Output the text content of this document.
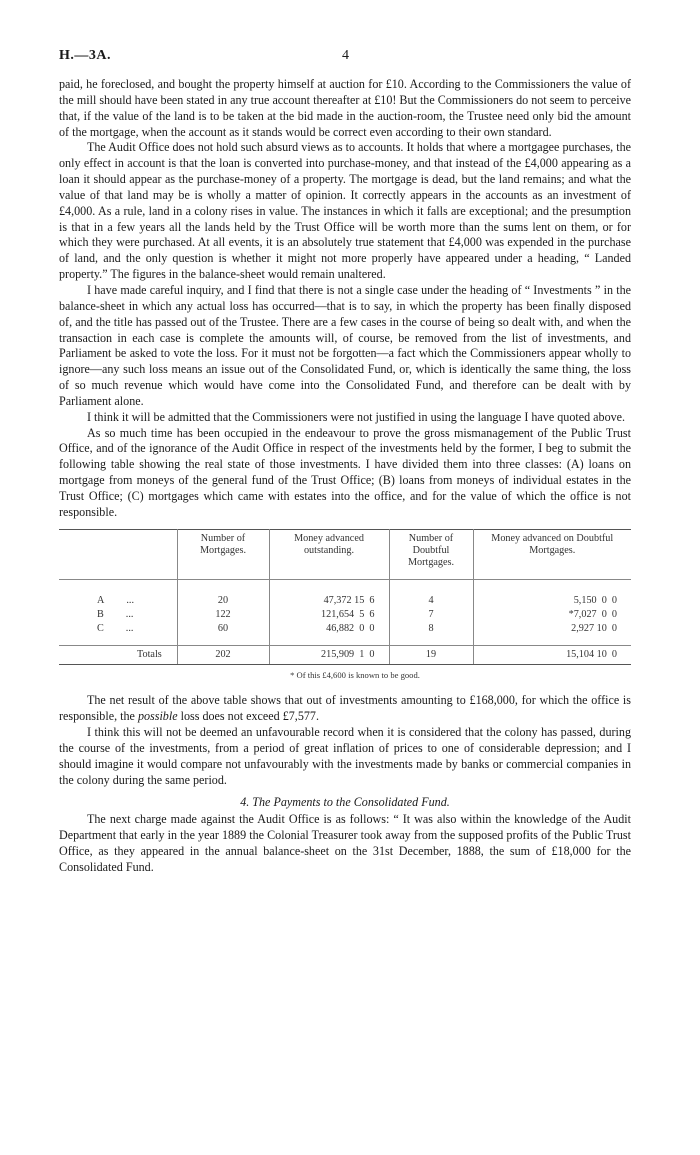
H.—3A.	4

paid, he foreclosed, and bought the property himself at auction for £10. According to the Commissioners the value of the mill should have been stated in any true account thereafter at £10! But the Commissioners do not seem to perceive that, if the value of the land is to be taken at the bid made in the auction-room, the Trustee need only bid the amount of the mortgage, when the account as it stands would be correct even according to their own standard.

The Audit Office does not hold such absurd views as to accounts. It holds that where a mortgagee purchases, the only effect in account is that the loan is converted into purchase-money, and that instead of the £4,000 appearing as a loan it should appear as the purchase-money of a property. The mortgage is dead, but the land remains; and what the value of that land may be is wholly a matter of opinion. It correctly appears in the accounts as an investment of £4,000. As a rule, land in a colony rises in value. The instances in which it falls are exceptional; and the presumption is that in a few years all the lands held by the Trust Office will be worth more than the sums lent on them, or for which they were purchased. At all events, it is an absolutely true statement that £4,000 was expended in the purchase of land, and the only question is whether it might not more properly have appeared under a heading, “ Landed property.” The figures in the balance-sheet would remain unaltered.

I have made careful inquiry, and I find that there is not a single case under the heading of “ Investments ” in the balance-sheet in which any actual loss has occurred—that is to say, in which the property has been finally disposed of, and the title has passed out of the Trustee. There are a few cases in the course of being so dealt with, and when the transaction in each case is complete the amounts will, of course, be removed from the list of investments, and Parliament be asked to vote the loss. For it must not be forgotten—a fact which the Commissioners appear wholly to ignore—any such loss means an issue out of the Consolidated Fund, or, which is identically the same thing, the loss of so much revenue which would have come into the Consolidated Fund, and therefore can be dealt with by Parliament alone.

I think it will be admitted that the Commissioners were not justified in using the language I have quoted above.

As so much time has been occupied in the endeavour to prove the gross mismanagement of the Public Trust Office, and of the ignorance of the Audit Office in respect of the investments held by the former, I beg to submit the following table showing the real state of those investments. I have divided them into three classes: (A) loans on mortgage from moneys of the general fund of the Trust Office; (B) loans from moneys of individual estates in the Trust Office; (C) mortgages which came with estates into the office, and for the value of which the office is not responsible.

	Number of Mortgages.	Money advanced outstanding.	Number of Doubtful Mortgages.	Money advanced on Doubtful Mortgages.

A ...	20	47,372 15  6	4	5,150  0  0
B ...	122	121,654  5  6	7	*7,027  0  0
C ...	60	46,882  0  0	8	2,927 10  0
Totals	202	215,909  1  0	19	15,104 10  0
* Of this £4,600 is known to be good.

The net result of the above table shows that out of investments amounting to £168,000, for which the office is responsible, the possible loss does not exceed £7,577.

I think this will not be deemed an unfavourable record when it is considered that the colony has passed, during the course of the investments, from a period of great inflation of prices to one of considerable depression; and I should imagine it would compare not unfavourably with the investments made by banks or commercial companies in the colony during the same period.

4. The Payments to the Consolidated Fund.

The next charge made against the Audit Office is as follows: “ It was also within the knowledge of the Audit Department that early in the year 1889 the Colonial Treasurer took away from the supposed profits of the Public Trust Office, as they appeared in the annual balance-sheet on the 31st December, 1888, the sum of £18,000 for the Consolidated Fund.
